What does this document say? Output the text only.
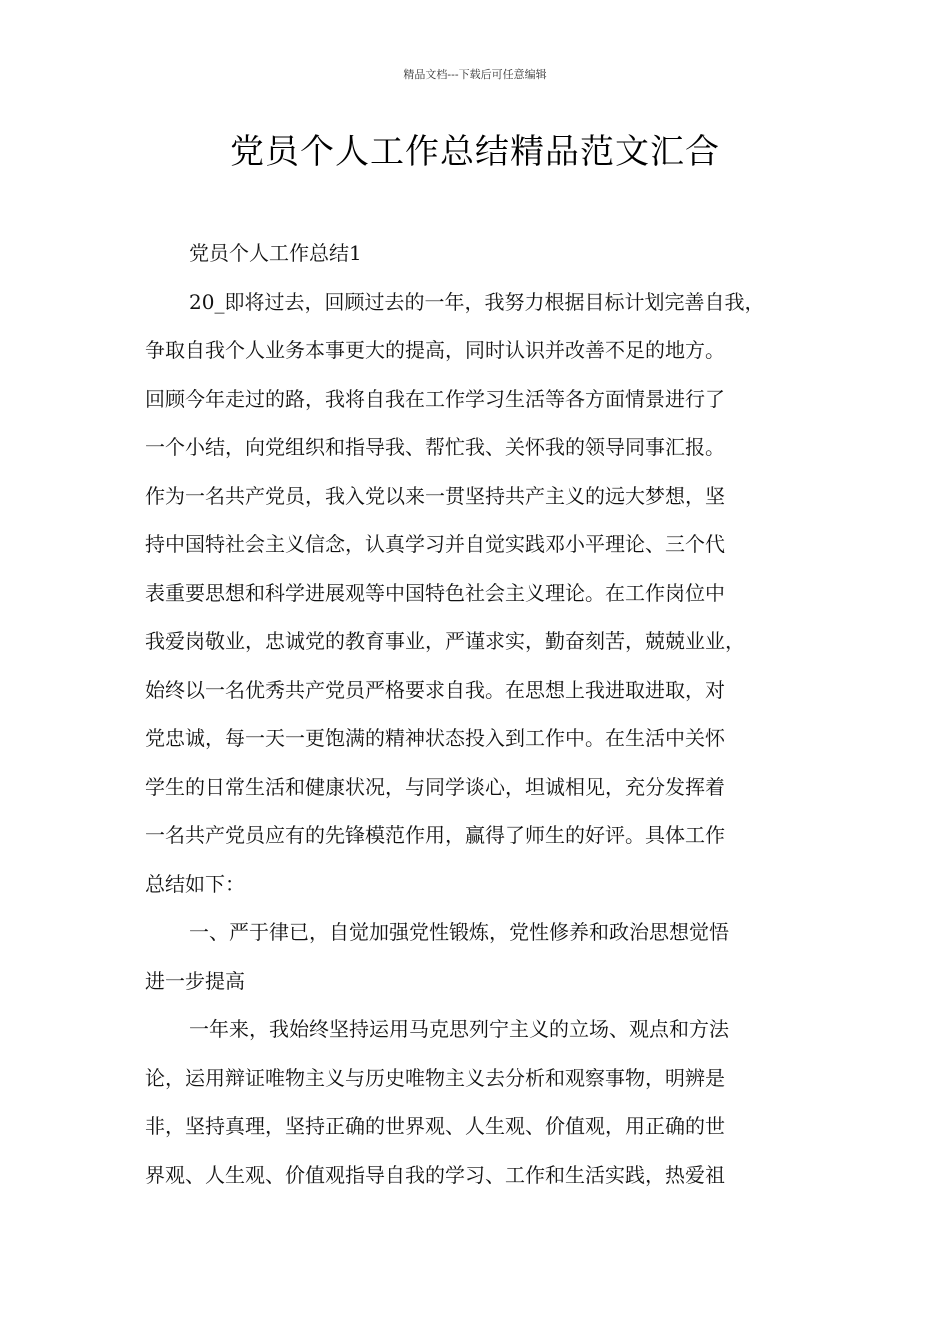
精品文档---下载后可任意编辑
党员个人工作总结精品范文汇合
党员个人工作总结1
20_即将过去，回顾过去的一年，我努力根据目标计划完善自我，
争取自我个人业务本事更大的提高，同时认识并改善不足的地方。
回顾今年走过的路，我将自我在工作学习生活等各方面情景进行了
一个小结，向党组织和指导我、帮忙我、关怀我的领导同事汇报。
作为一名共产党员，我入党以来一贯坚持共产主义的远大梦想，坚
持中国特社会主义信念，认真学习并自觉实践邓小平理论、三个代
表重要思想和科学进展观等中国特色社会主义理论。在工作岗位中
我爱岗敬业，忠诚党的教育事业，严谨求实，勤奋刻苦，兢兢业业，
始终以一名优秀共产党员严格要求自我。在思想上我进取进取，对
党忠诚，每一天一更饱满的精神状态投入到工作中。在生活中关怀
学生的日常生活和健康状况，与同学谈心，坦诚相见，充分发挥着
一名共产党员应有的先锋模范作用，赢得了师生的好评。具体工作
总结如下：
一、严于律已，自觉加强党性锻炼，党性修养和政治思想觉悟
进一步提高
一年来，我始终坚持运用马克思列宁主义的立场、观点和方法
论，运用辩证唯物主义与历史唯物主义去分析和观察事物，明辨是
非，坚持真理，坚持正确的世界观、人生观、价值观，用正确的世
界观、人生观、价值观指导自我的学习、工作和生活实践，热爱祖
